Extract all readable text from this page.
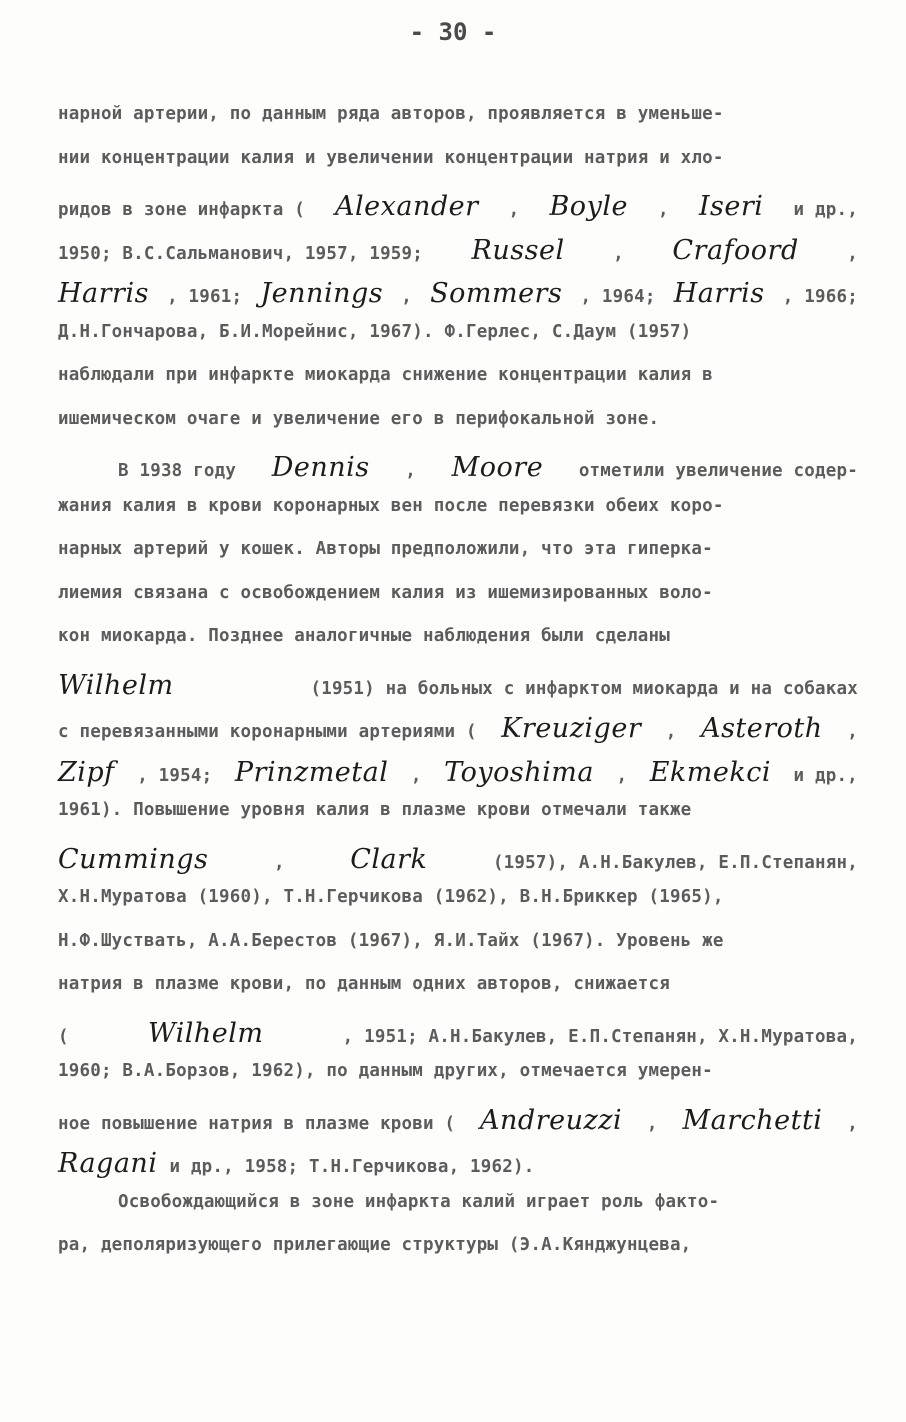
- 30 -
нарной артерии, по данным ряда авторов, проявляется в уменьше-
нии концентрации калия и увеличении концентрации натрия и хло-
ридов в зоне инфаркта ( Alexander , Boyle , Iseri и др.,
1950; В.С.Сальманович, 1957, 1959; Russel	, Crafoord	,
Harris , 1961; Jennings , Sommers , 1964; Harris , 1966;
Д.Н.Гончарова, Б.И.Морейнис, 1967). Ф.Герлес, С.Даум (1957)
наблюдали при инфаркте миокарда снижение концентрации калия в
ишемическом очаге и увеличение его в перифокальной зоне.
В 1938 году Dennis , Moore отметили увеличение содер-
жания калия в крови коронарных вен после перевязки обеих коро-
нарных артерий у кошек. Авторы предположили, что эта гиперка-
лиемия связана с освобождением калия из ишемизированных воло-
кон миокарда. Позднее аналогичные наблюдения были сделаны
Wilhelm	(1951) на больных с инфарктом миокарда и на собаках
с перевязанными коронарными артериями ( Kreuziger , Asteroth ,
Zipf , 1954; Prinzmetal , Toyoshima , Ekmekci и др.,
1961). Повышение уровня калия в плазме крови отмечали также
Cummings	, Clark	(1957), А.Н.Бакулев, Е.П.Степанян,
Х.Н.Муратова (1960), Т.Н.Герчикова (1962), В.Н.Бриккер (1965),
Н.Ф.Шуствать, А.А.Берестов (1967), Я.И.Тайх (1967). Уровень же
натрия в плазме крови, по данным одних авторов, снижается
(	Wilhelm	, 1951; А.Н.Бакулев, Е.П.Степанян, Х.Н.Муратова,
1960; В.А.Борзов, 1962), по данным других, отмечается умерен-
ное повышение натрия в плазме крови ( Andreuzzi , Marchetti ,
Ragani и др., 1958; Т.Н.Герчикова, 1962).
Освобождающийся в зоне инфаркта калий играет роль факто-
ра, деполяризующего прилегающие структуры (Э.А.Кянджунцева,
